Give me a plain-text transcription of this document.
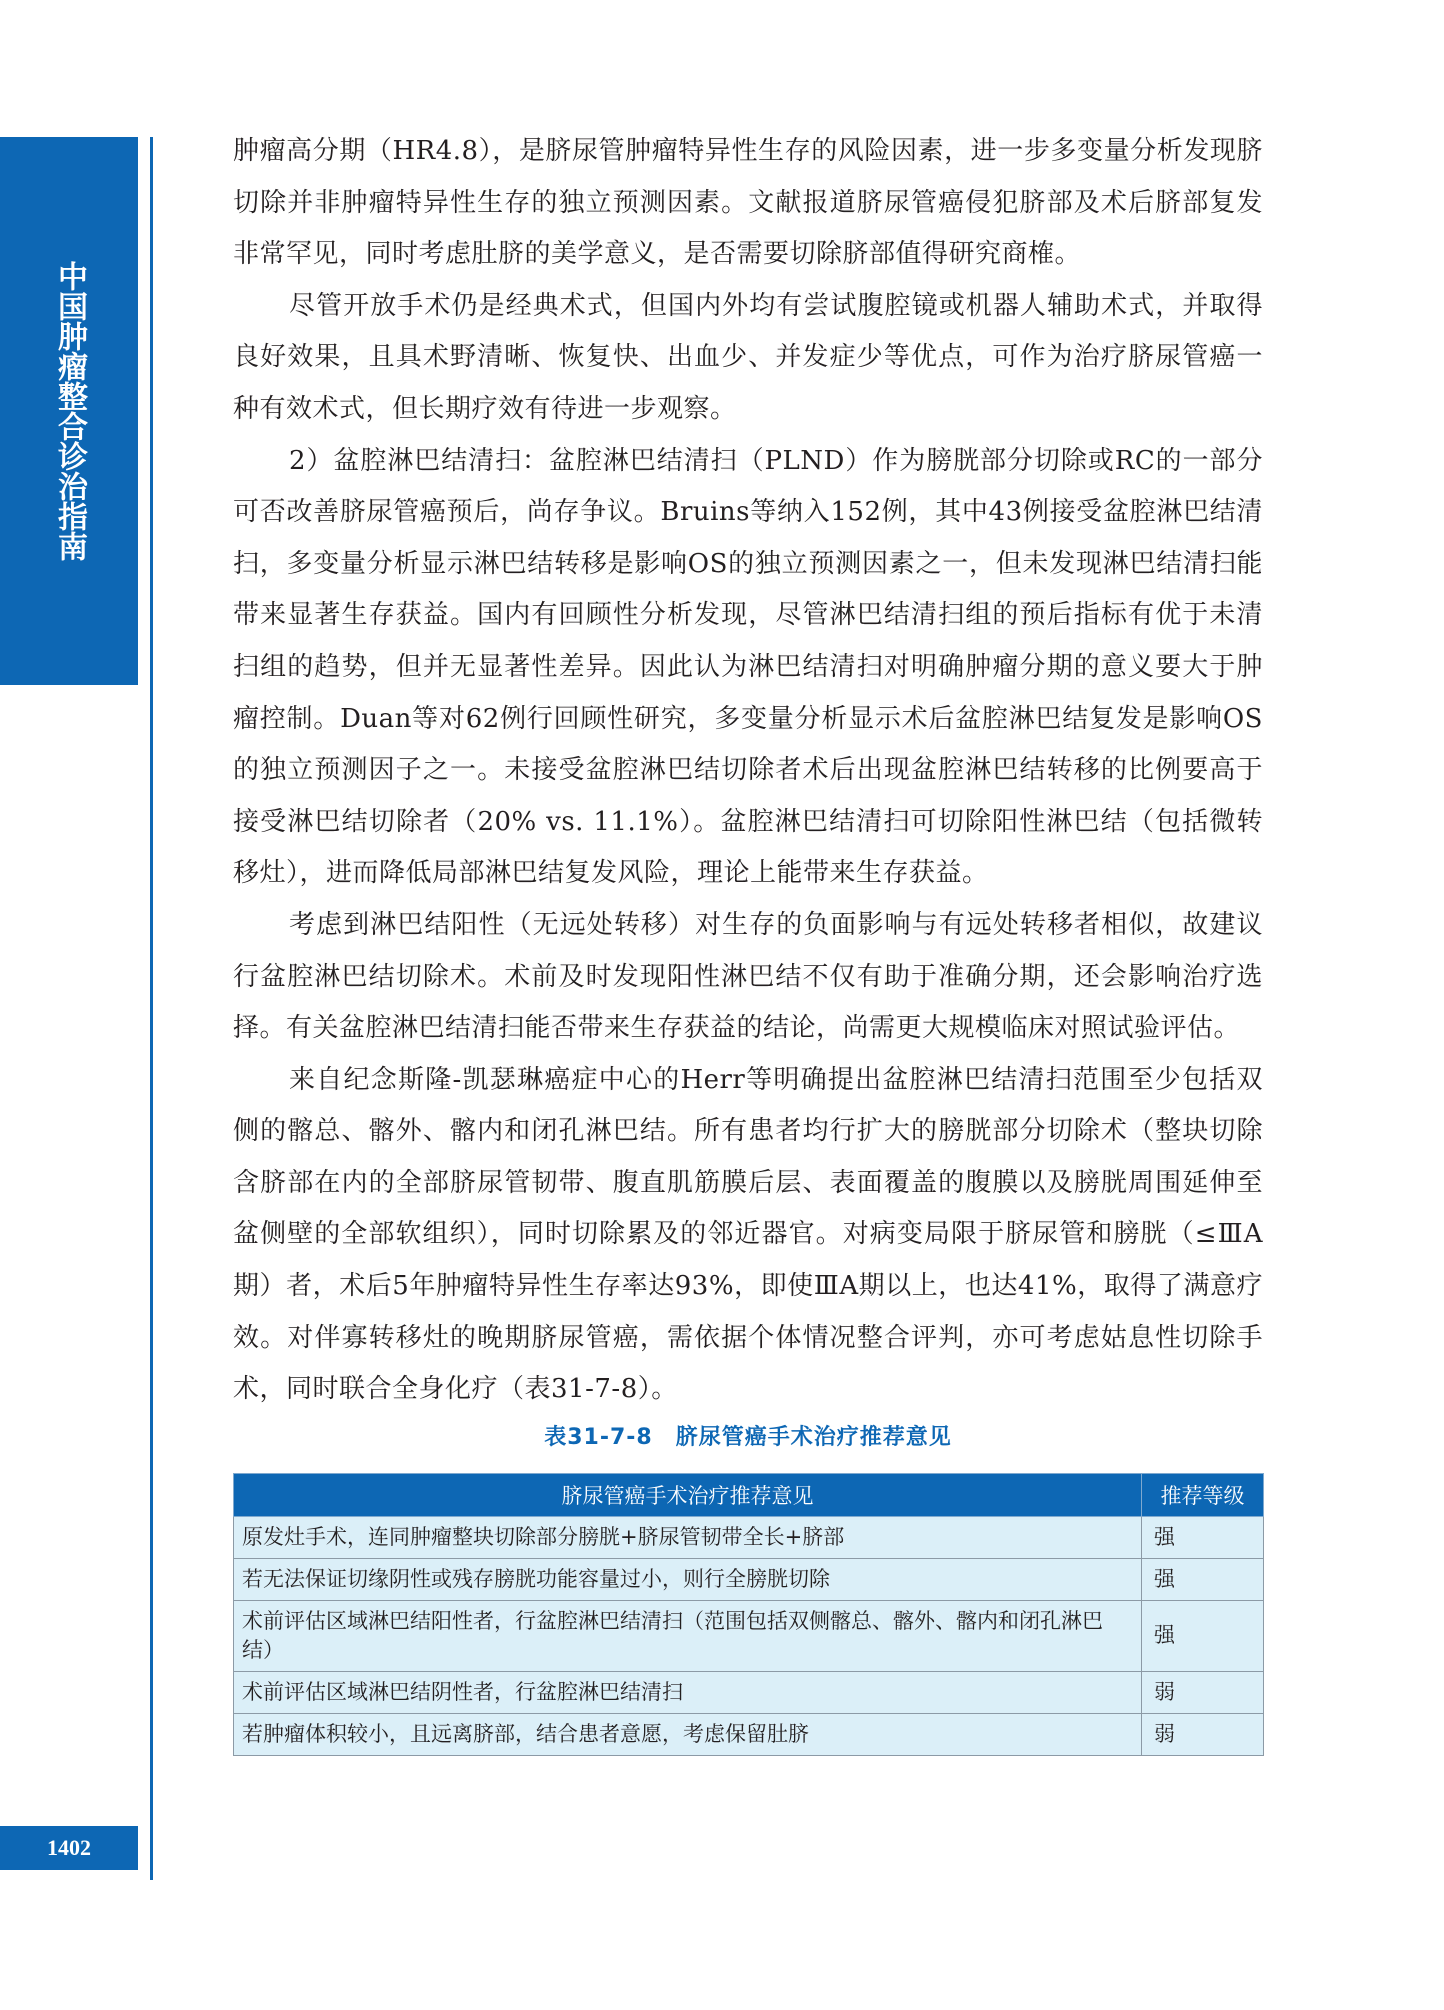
中国肿瘤整合诊治指南
1402

肿瘤高分期（HR4.8），是脐尿管肿瘤特异性生存的风险因素，进一步多变量分析发现脐切除并非肿瘤特异性生存的独立预测因素。文献报道脐尿管癌侵犯脐部及术后脐部复发非常罕见，同时考虑肚脐的美学意义，是否需要切除脐部值得研究商榷。

尽管开放手术仍是经典术式，但国内外均有尝试腹腔镜或机器人辅助术式，并取得良好效果，且具术野清晰、恢复快、出血少、并发症少等优点，可作为治疗脐尿管癌一种有效术式，但长期疗效有待进一步观察。

2）盆腔淋巴结清扫：盆腔淋巴结清扫（PLND）作为膀胱部分切除或RC的一部分可否改善脐尿管癌预后，尚存争议。Bruins等纳入152例，其中43例接受盆腔淋巴结清扫，多变量分析显示淋巴结转移是影响OS的独立预测因素之一，但未发现淋巴结清扫能带来显著生存获益。国内有回顾性分析发现，尽管淋巴结清扫组的预后指标有优于未清扫组的趋势，但并无显著性差异。因此认为淋巴结清扫对明确肿瘤分期的意义要大于肿瘤控制。Duan等对62例行回顾性研究，多变量分析显示术后盆腔淋巴结复发是影响OS的独立预测因子之一。未接受盆腔淋巴结切除者术后出现盆腔淋巴结转移的比例要高于接受淋巴结切除者（20% vs. 11.1%）。盆腔淋巴结清扫可切除阳性淋巴结（包括微转移灶），进而降低局部淋巴结复发风险，理论上能带来生存获益。

考虑到淋巴结阳性（无远处转移）对生存的负面影响与有远处转移者相似，故建议行盆腔淋巴结切除术。术前及时发现阳性淋巴结不仅有助于准确分期，还会影响治疗选择。有关盆腔淋巴结清扫能否带来生存获益的结论，尚需更大规模临床对照试验评估。

来自纪念斯隆-凯瑟琳癌症中心的Herr等明确提出盆腔淋巴结清扫范围至少包括双侧的髂总、髂外、髂内和闭孔淋巴结。所有患者均行扩大的膀胱部分切除术（整块切除含脐部在内的全部脐尿管韧带、腹直肌筋膜后层、表面覆盖的腹膜以及膀胱周围延伸至盆侧壁的全部软组织），同时切除累及的邻近器官。对病变局限于脐尿管和膀胱（≤ⅢA期）者，术后5年肿瘤特异性生存率达93%，即使ⅢA期以上，也达41%，取得了满意疗效。对伴寡转移灶的晚期脐尿管癌，需依据个体情况整合评判，亦可考虑姑息性切除手术，同时联合全身化疗（表31-7-8）。

表31-7-8　脐尿管癌手术治疗推荐意见
脐尿管癌手术治疗推荐意见	推荐等级
原发灶手术，连同肿瘤整块切除部分膀胱+脐尿管韧带全长+脐部	强
若无法保证切缘阴性或残存膀胱功能容量过小，则行全膀胱切除	强
术前评估区域淋巴结阳性者，行盆腔淋巴结清扫（范围包括双侧髂总、髂外、髂内和闭孔淋巴结）	强
术前评估区域淋巴结阴性者，行盆腔淋巴结清扫	弱
若肿瘤体积较小，且远离脐部，结合患者意愿，考虑保留肚脐	弱
